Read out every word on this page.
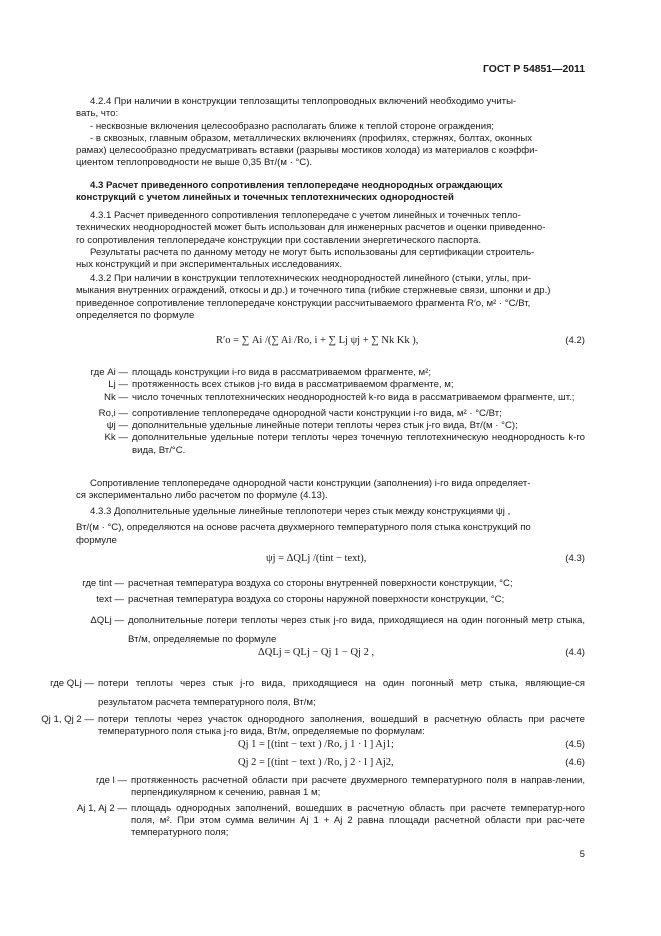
ГОСТ Р 54851—2011

4.2.4 При наличии в конструкции теплозащиты теплопроводных включений необходимо учиты-

вать, что:

- несквозные включения целесообразно располагать ближе к теплой стороне ограждения;

- в сквозных, главным образом, металлических включениях (профилях, стержнях, болтах, оконных

рамах) целесообразно предусматривать вставки (разрывы мостиков холода) из материалов с коэффи-

циентом теплопроводности не выше 0,35 Вт/(м · °С).

4.3 Расчет приведенного сопротивления теплопередаче неоднородных ограждающих

конструкций с учетом линейных и точечных теплотехнических однородностей

4.3.1 Расчет приведенного сопротивления теплопередаче с учетом линейных и точечных тепло-

технических неоднородностей может быть использован для инженерных расчетов и оценки приведенно-

го сопротивления теплопередаче конструкции при составлении энергетического паспорта.

Результаты расчета по данному методу не могут быть использованы для сертификации строитель-

ных конструкций и при экспериментальных исследованиях.

4.3.2 При наличии в конструкции теплотехнических неоднородностей линейного (стыки, углы, при-

мыкания внутренних ограждений, откосы и др.) и точечного типа (гибкие стержневые связи, шпонки и др.)

приведенное сопротивление теплопередаче конструкции рассчитываемого фрагмента R′о, м² · °С/Вт,

определяется по формуле

R′о = ∑ Ai /(∑ Ai /Rо, i + ∑ Lj ψj + ∑ Nk Kk ),	(4.2)
где Ai — площадь конструкции i-го вида в рассматриваемом фрагменте, м²;
Lj — протяженность всех стыков j-го вида в рассматриваемом фрагменте, м;
Nk — число точечных теплотехнических неоднородностей k-го вида в рассматриваемом фрагменте, шт.;
Rо,i — сопротивление теплопередаче однородной части конструкции i-го вида, м² · °С/Вт;
ψj — дополнительные удельные линейные потери теплоты через стык j-го вида, Вт/(м · °С);
Kk — дополнительные удельные потери теплоты через точечную теплотехническую неоднородность k-го вида, Вт/°С.

Сопротивление теплопередаче однородной части конструкции (заполнения) i-го вида определяет-

ся экспериментально либо расчетом по формуле (4.13).

4.3.3 Дополнительные удельные линейные теплопотери через стык между конструкциями ψj ,

Вт/(м · °С), определяются на основе расчета двухмерного температурного поля стыка конструкций по

формуле

ψj = ΔQLj /(tint − text),	(4.3)
где tint — расчетная температура воздуха со стороны внутренней поверхности конструкции, °С;
text — расчетная температура воздуха со стороны наружной поверхности конструкции, °С;
ΔQLj — дополнительные потери теплоты через стык j-го вида, приходящиеся на один погонный метр стыка, Вт/м, определяемые по формуле
ΔQLj = QLj − Qj 1 − Qj 2 ,	(4.4)
где QLj — потери теплоты через стык j-го вида, приходящиеся на один погонный метр стыка, являющие-ся результатом расчета температурного поля, Вт/м;
Qj 1, Qj 2 — потери теплоты через участок однородного заполнения, вошедший в расчетную область при расчете температурного поля стыка j-го вида, Вт/м, определяемые по формулам:
Qj 1 = [(tint − text ) /Rо, j 1 · l ] Aj1;	(4.5)
Qj 2 = [(tint − text ) /Rо, j 2 · l ] Aj2,	(4.6)
где l — протяженность расчетной области при расчете двухмерного температурного поля в направ-лении, перпендикулярном к сечению, равная 1 м;
Aj 1, Aj 2 — площадь однородных заполнений, вошедших в расчетную область при расчете температур-ного поля, м². При этом сумма величин Aj 1 + Aj 2 равна площади расчетной области при рас-чете температурного поля;
5
